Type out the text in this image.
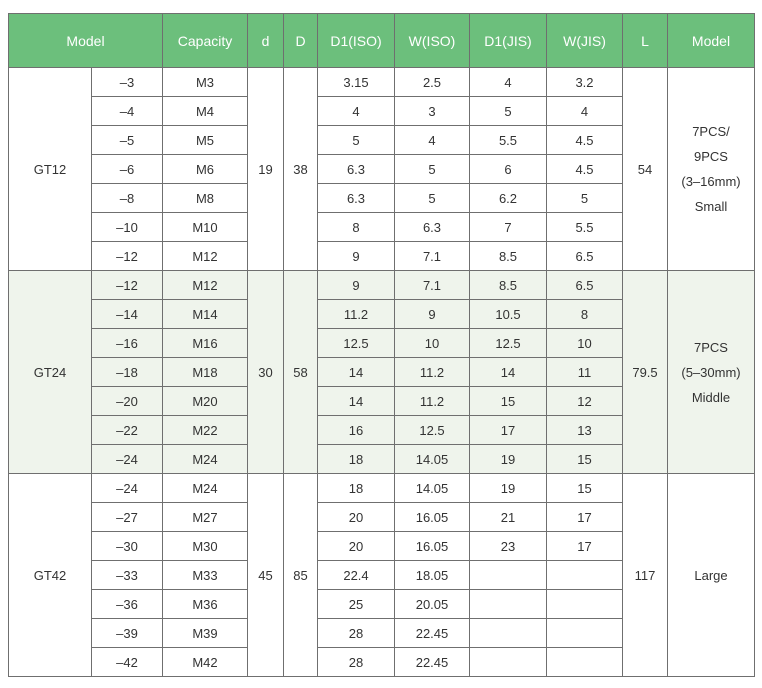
Model		Capacity	d	D	D1(ISO)	W(ISO)	D1(JIS)	W(JIS)	L	Model
GT12	–3	M3	19	38	3.15	2.5	4	3.2	54	7PCS/
9PCS
(3–16mm)
Small

	–4	M4			4	3	5	4		
	–5	M5			5	4	5.5	4.5		
	–6	M6			6.3	5	6	4.5		
	–8	M8			6.3	5	6.2	5		
	–10	M10			8	6.3	7	5.5		
	–12	M12			9	7.1	8.5	6.5		
GT24	–12	M12	30	58	9	7.1	8.5	6.5	79.5	7PCS
(5–30mm)
Middle

	–14	M14			11.2	9	10.5	8		
	–16	M16			12.5	10	12.5	10		
	–18	M18			14	11.2	14	11		
	–20	M20			14	11.2	15	12		
	–22	M22			16	12.5	17	13		
	–24	M24			18	14.05	19	15		
GT42	–24	M24	45	85	18	14.05	19	15	117	Large

	–27	M27			20	16.05	21	17		
	–30	M30			20	16.05	23	17		
	–33	M33			22.4	18.05				
	–36	M36			25	20.05				
	–39	M39			28	22.45				
	–42	M42			28	22.45				
